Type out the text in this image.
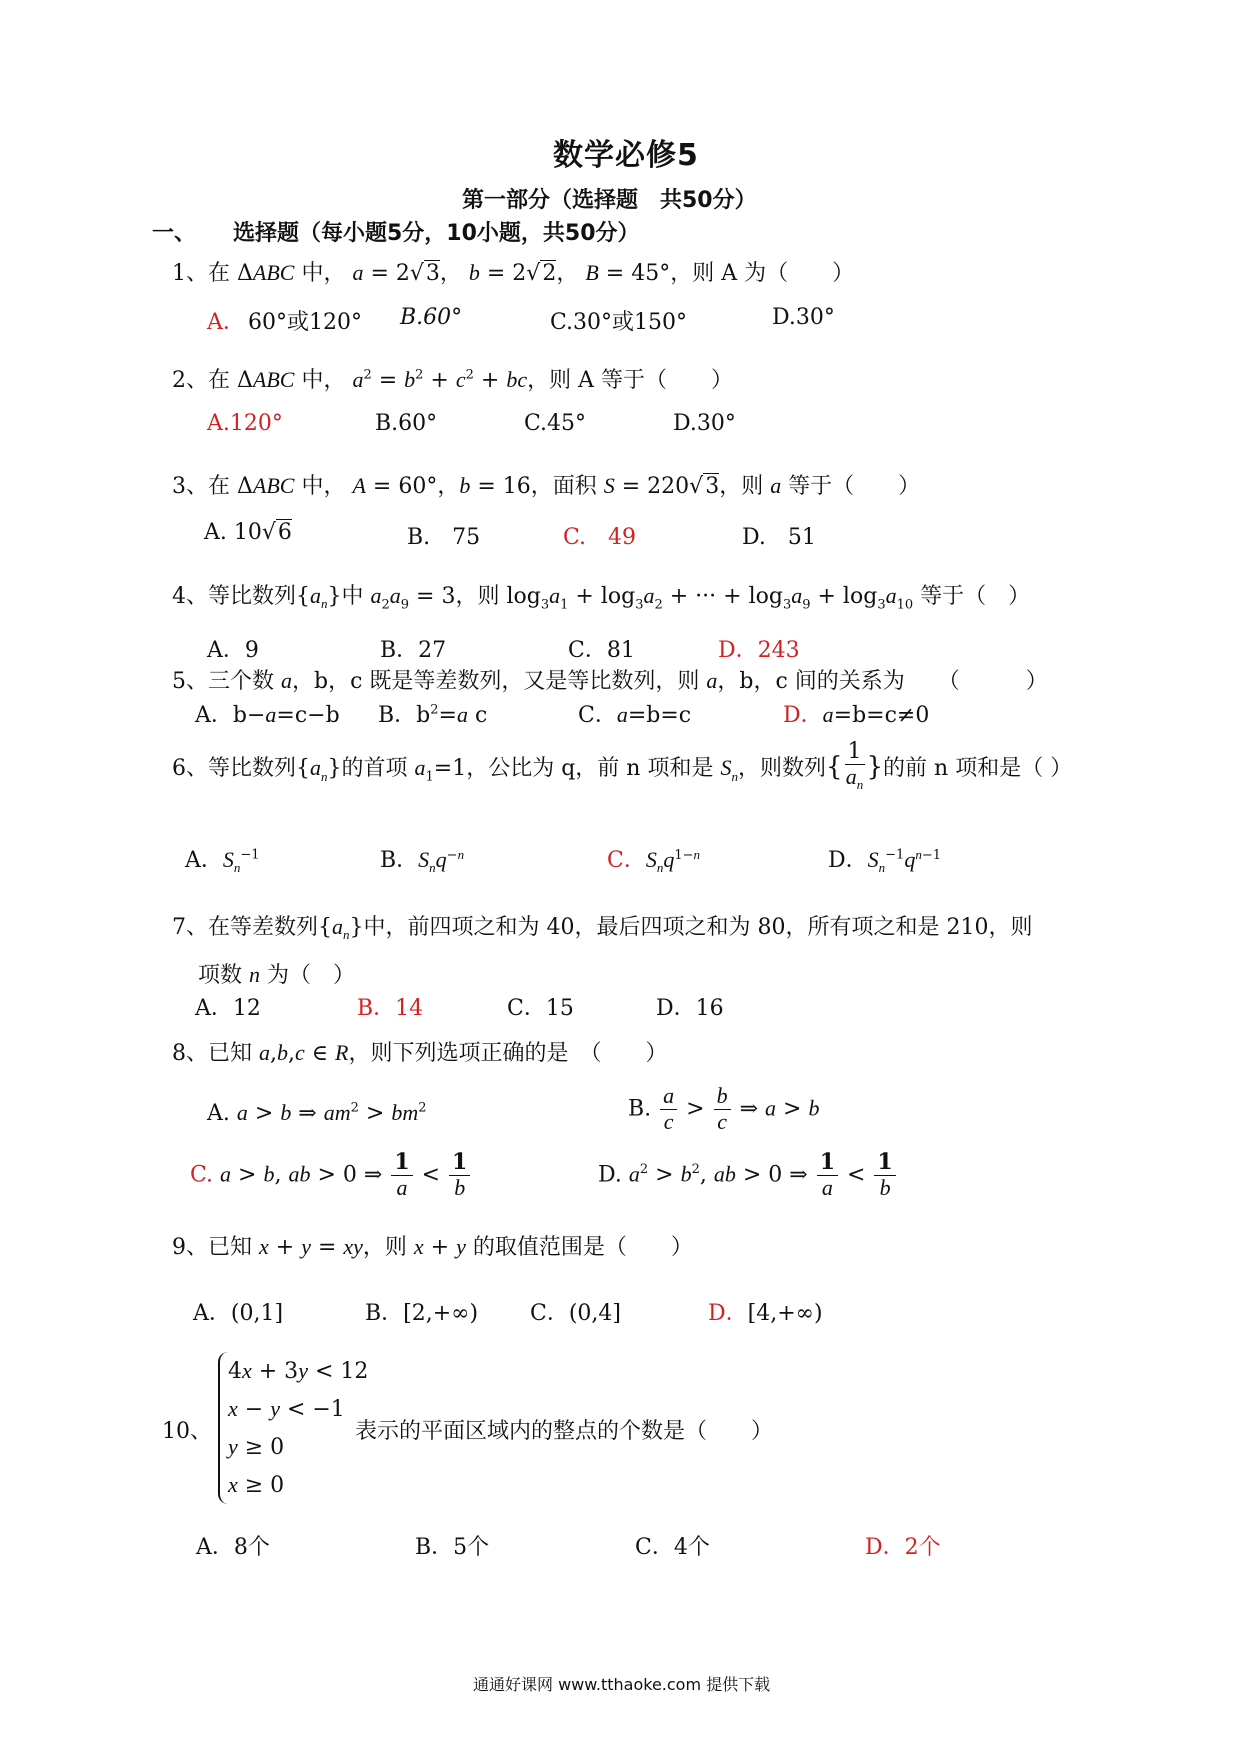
数学必修5
第一部分（选择题　共50分）
一、 选择题（每小题5分，10小题，共50分）
1、在 ΔABC 中， a = 2√3， b = 2√2， B = 45°，则 A 为（　　）
A． 60°或120° B.60°	C.30°或150°	D.30°
2、在 ΔABC 中， $a^2 = b^2 + c^2$ + bc，则 A 等于（　　）
A.120°	B.60°	C.45°	D.30°
3、在 ΔABC 中， A = 60°，b = 16，面积 S = 220√3，则 a 等于（　　）
A. 10√6	B.　75	C.　49	D.　51
4、等比数列$\{a_n\}$中 $a_2a_9 = 3$，则 $\log_3a_1 + \log_3a_2$ + ··· + $\log_3a_9 + \log_3a_{10}$ 等于（　）
A．9	B．27	C．81	D．243
5、三个数 a，b，c 既是等差数列，又是等比数列，则 a，b，c 间的关系为　　（　　　）
A．b−a=c−b B．$b^2=a$ c	C．a=b=c	D．a=b=c≠0
6、等比数列$\{a_n\}$的首项 $a_1=1$，公比为 q，前 n 项和是 $S_n$，则数列{ $\frac{1}{a_n}$ }的前 n 项和是（ ）
A．$S_n^{-1}$	B．$S_nq^{-n}$	C．$S_nq^{1-n}$	D．$S_n^{-1}q^{n-1}$
7、在等差数列$\{a_n\}$中，前四项之和为 40，最后四项之和为 80，所有项之和是 210，则
项数 n 为（　）
A．12	B．14	C．15	D．16
8、已知 a,b,c ∈ R，则下列选项正确的是　（　　）
A. a > b ⇒ $am^2 > bm^2$	B. $\frac{a}{c} > \frac{b}{c}$ ⇒ a > b
C. a > b, ab > 0 ⇒ $\frac{1}{a} < \frac{1}{b}$	D. $a^2 > b^2$, ab > 0 ⇒ $\frac{1}{a} < \frac{1}{b}$
9、已知 x + y = xy，则 x + y 的取值范围是（　　）
A．(0,1]	B．[2,+∞) C．(0,4]	D．[4,+∞)
10、
4x + 3y < 12
x − y < −1
y ≥ 0
x ≥ 0
表示的平面区域内的整点的个数是（　　）
A．8个	B．5个	C．4个	D．2个
通通好课网 www.tthaoke.com 提供下载
